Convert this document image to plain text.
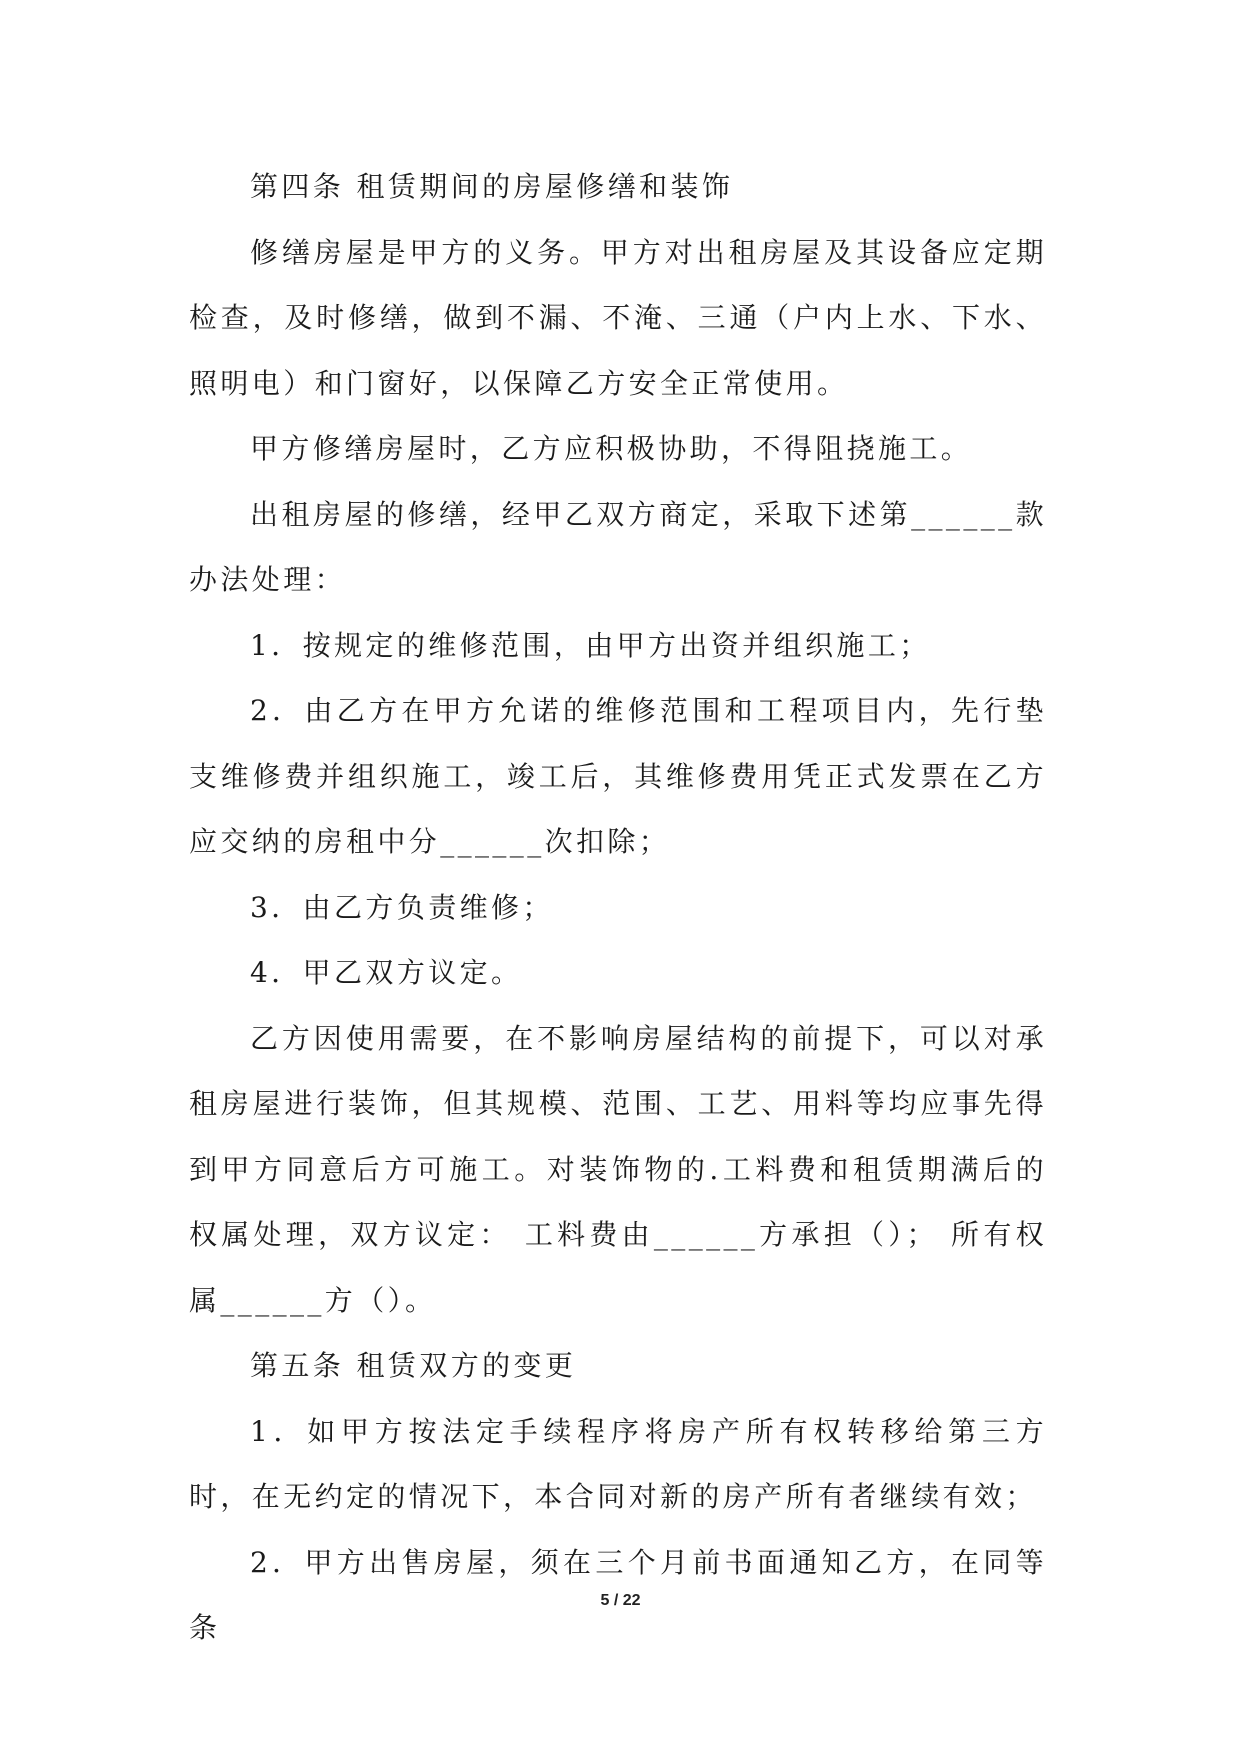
第四条 租赁期间的房屋修缮和装饰

修缮房屋是甲方的义务。甲方对出租房屋及其设备应定期检查，及时修缮，做到不漏、不淹、三通（户内上水、下水、照明电）和门窗好，以保障乙方安全正常使用。

甲方修缮房屋时，乙方应积极协助，不得阻挠施工。

出租房屋的修缮，经甲乙双方商定，采取下述第______款办法处理：

1．按规定的维修范围，由甲方出资并组织施工；

2．由乙方在甲方允诺的维修范围和工程项目内，先行垫支维修费并组织施工，竣工后，其维修费用凭正式发票在乙方应交纳的房租中分______次扣除；

3．由乙方负责维修；

4．甲乙双方议定。

乙方因使用需要，在不影响房屋结构的前提下，可以对承租房屋进行装饰，但其规模、范围、工艺、用料等均应事先得到甲方同意后方可施工。对装饰物的.工料费和租赁期满后的权属处理，双方议定： 工料费由______方承担（）； 所有权属______方（）。

第五条 租赁双方的变更

1．如甲方按法定手续程序将房产所有权转移给第三方时，在无约定的情况下，本合同对新的房产所有者继续有效；

2．甲方出售房屋，须在三个月前书面通知乙方，在同等条

5 / 22
